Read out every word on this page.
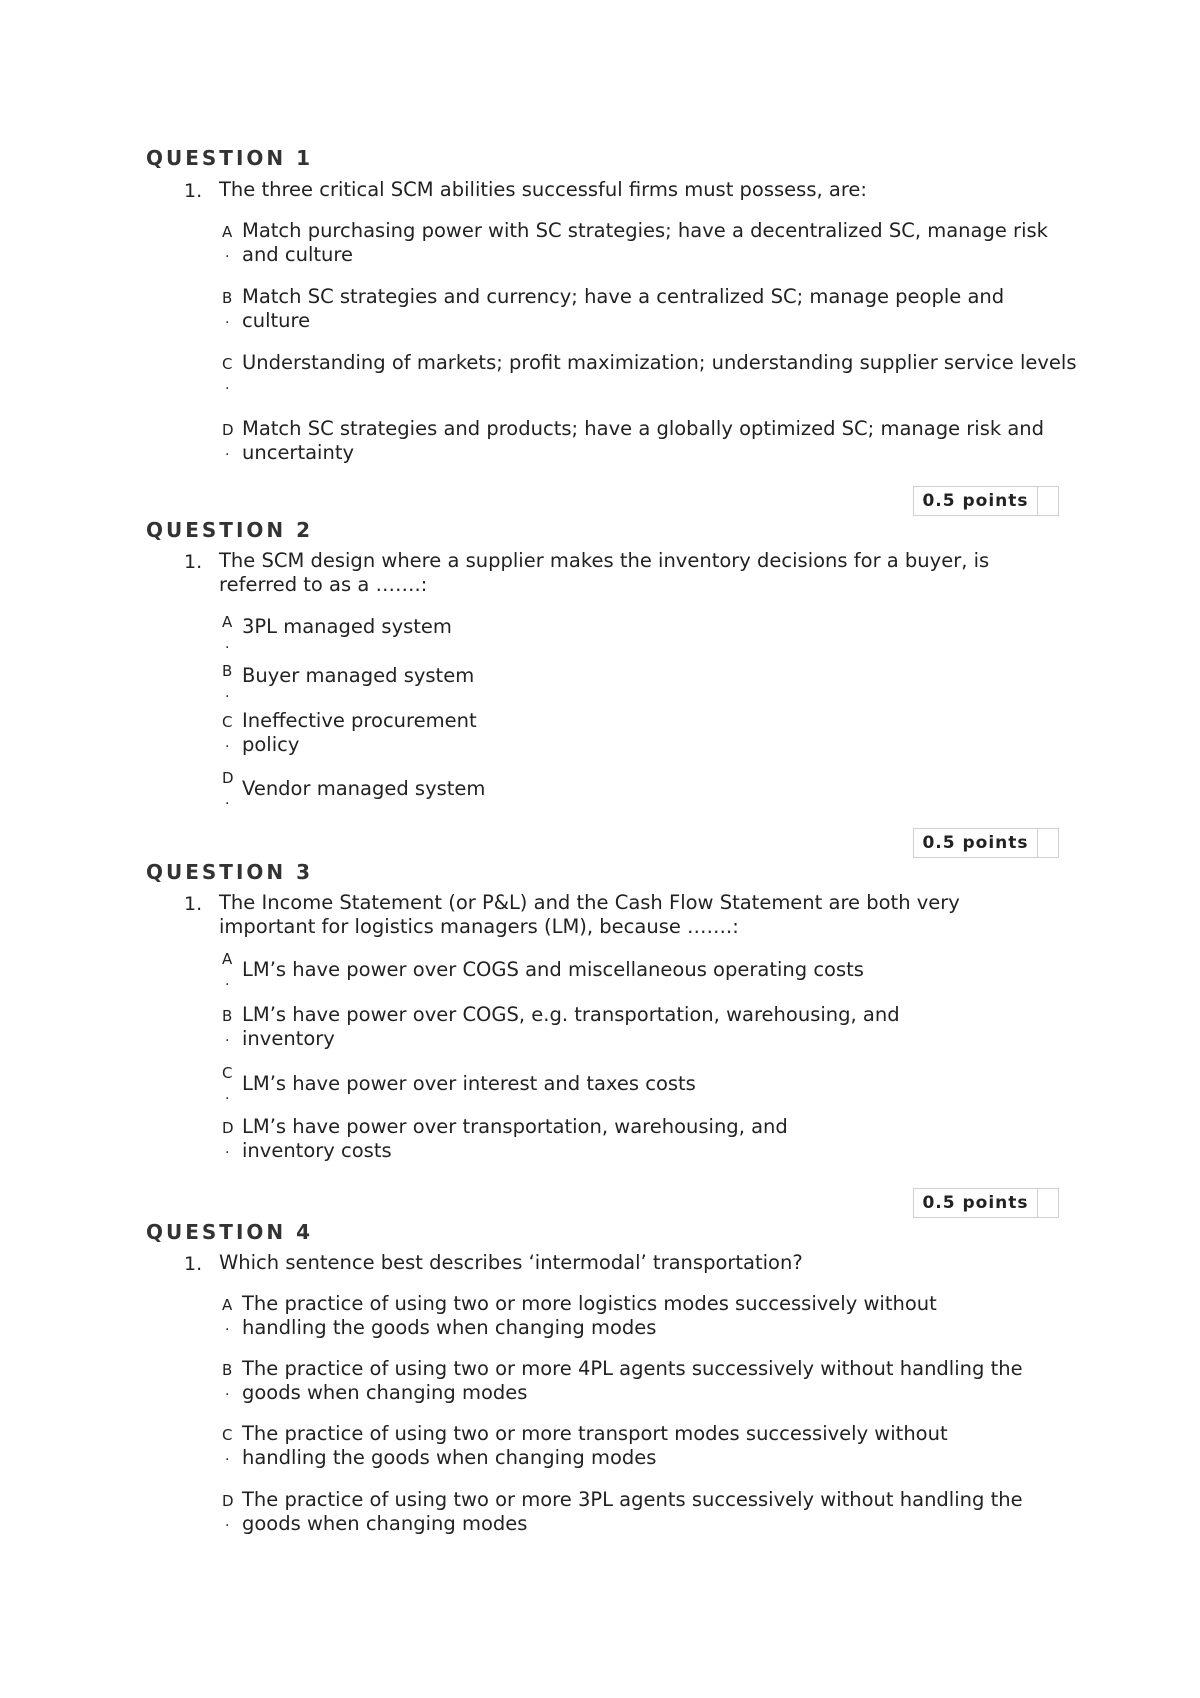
QUESTION 1
1. The three critical SCM abilities successful firms must possess, are:
A
.
Match purchasing power with SC strategies; have a decentralized SC, manage risk and culture
B
.
Match SC strategies and currency; have a centralized SC; manage people and culture
C
.
Understanding of markets; profit maximization; understanding supplier service levels
D
.
Match SC strategies and products; have a globally optimized SC; manage risk and uncertainty
0.5 points
QUESTION 2
1. The SCM design where a supplier makes the inventory decisions for a buyer, is referred to as a …….:
A
.
3PL managed system
B
.
Buyer managed system
C
.
Ineffective procurement policy
D
. Vendor managed system
0.5 points
QUESTION 3
1. The Income Statement (or P&L) and the Cash Flow Statement are both very important for logistics managers (LM), because …….:
A
. LM’s have power over COGS and miscellaneous operating costs
B
.
LM’s have power over COGS, e.g. transportation, warehousing, and inventory
C
. LM’s have power over interest and taxes costs
D
.
LM’s have power over transportation, warehousing, and inventory costs
0.5 points
QUESTION 4
1. Which sentence best describes ‘intermodal’ transportation?
A
.
The practice of using two or more logistics modes successively without handling the goods when changing modes
B
.
The practice of using two or more 4PL agents successively without handling the goods when changing modes
C
.
The practice of using two or more transport modes successively without handling the goods when changing modes
D
.
The practice of using two or more 3PL agents successively without handling the goods when changing modes
